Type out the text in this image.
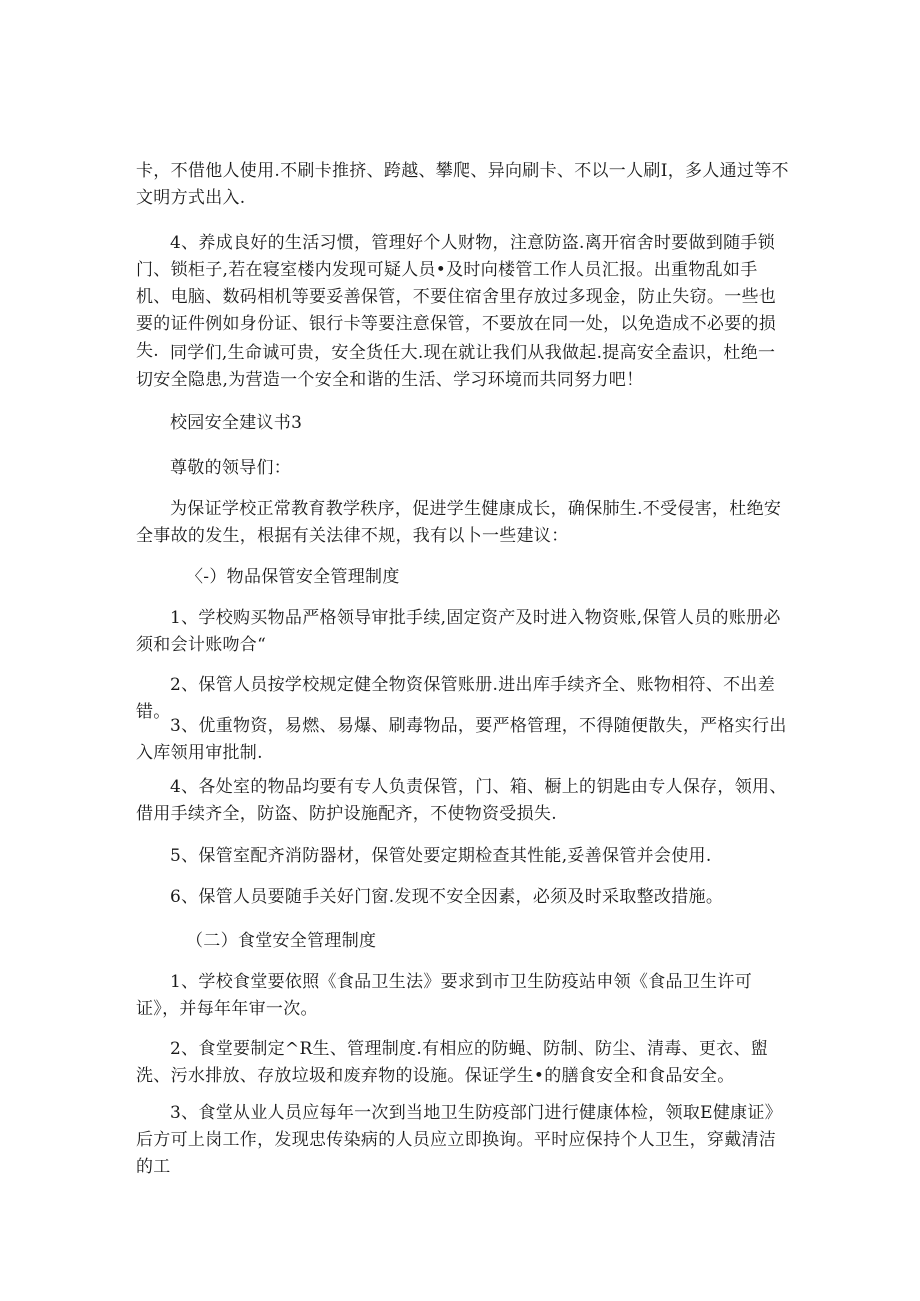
卡，不借他人使用.不刷卡推挤、跨越、攀爬、异向刷卡、不以一人刷I，多人通过等不文明方式出入.

4、养成良好的生活习惯，管理好个人财物，注意防盗.离开宿舍时要做到随手锁门、锁柜子,若在寝室楼内发现可疑人员•及时向楼管工作人员汇报。出重物乱如手机、电脑、数码相机等要妥善保管，不要住宿舍里存放过多现金，防止失窃。一些也要的证件例如身份证、银行卡等要注意保管，不要放在同一处，以免造成不必要的损失. 同学们,生命诚可贵，安全货任大.现在就让我们从我做起.提高安全盍识，杜绝一切安全隐患,为营造一个安全和谐的生活、学习环境而共同努力吧！

校园安全建议书3

尊敬的领导们：

为保证学校正常教育教学秩序，促进学生健康成长，确保肺生.不受侵害，杜绝安全事故的发生，根据有关法律不规，我有以卜一些建议：

〈-）物品保管安全管理制度

1、学校购买物品严格领导审批手续,固定资产及时进入物资账,保管人员的账册必须和会计账吻合“

2、保管人员按学校规定健全物资保管账册.进出库手续齐全、账物相符、不出差错。

3、优重物资，易燃、易爆、刷毒物品，要严格管理，不得随便散失，严格实行出入库领用审批制.

4、各处室的物品均要有专人负责保管，门、箱、橱上的钥匙由专人保存，领用、借用手续齐全，防盗、防护设施配齐，不使物资受损失.

5、保管室配齐消防器材，保管处要定期检查其性能,妥善保管并会使用.

6、保管人员要随手关好门窗.发现不安全因素，必须及时采取整改措施。

（二）食堂安全管理制度

1、学校食堂要依照《食品卫生法》要求到市卫生防疫站申领《食品卫生许可证》，并每年年审一次。

2、食堂要制定^R生、管理制度.有相应的防蝇、防制、防尘、清毒、更衣、盥洗、污水排放、存放垃圾和废弃物的设施。保证学生•的膳食安全和食品安全。

3、食堂从业人员应每年一次到当地卫生防疫部门进行健康体检，领取E健康证》后方可上岗工作，发现忠传染病的人员应立即换询。平时应保持个人卫生，穿戴清洁的工
